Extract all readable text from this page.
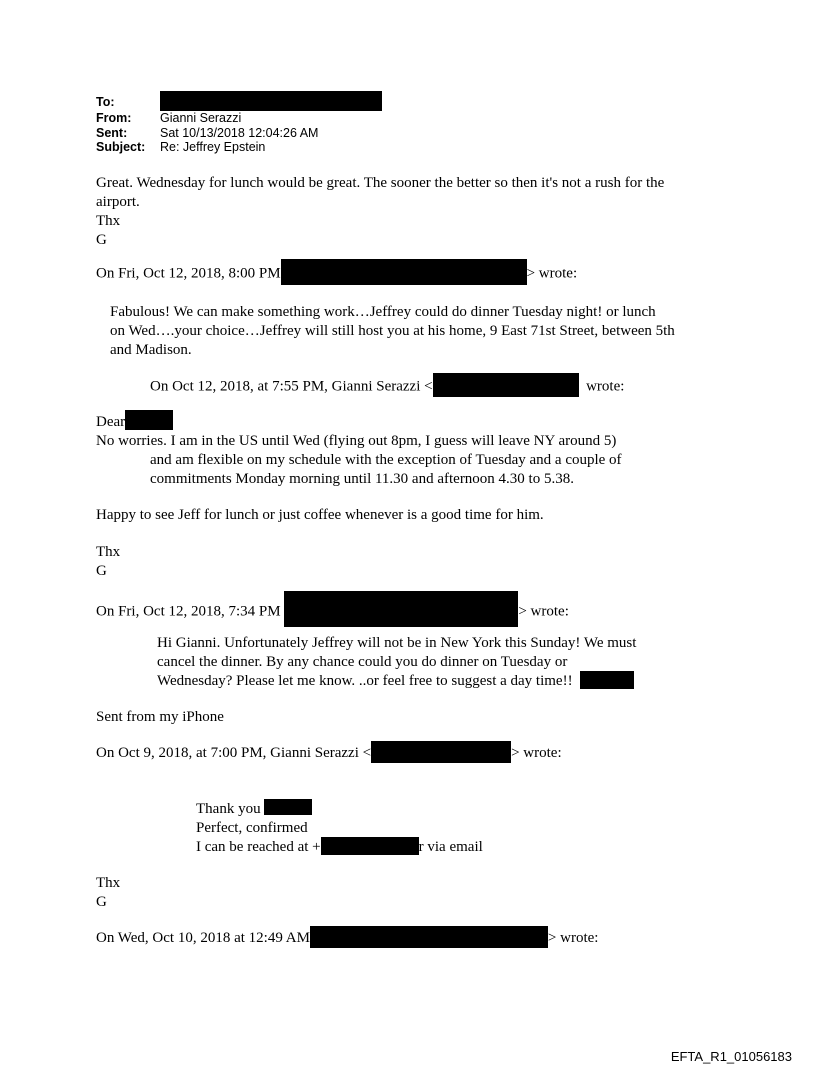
To:
From:	Gianni Serazzi
Sent:	Sat 10/13/2018 12:04:26 AM
Subject:	Re: Jeffrey Epstein
Great. Wednesday for lunch would be great. The sooner the better so then it's not a rush for the
airport.
Thx
G
On Fri, Oct 12, 2018, 8:00 PM	> wrote:
Fabulous! We can make something work…Jeffrey could do dinner Tuesday night! or lunch
on Wed….your choice…Jeffrey will still host you at his home, 9 East 71st Street, between 5th
and Madison.
On Oct 12, 2018, at 7:55 PM, Gianni Serazzi <	wrote:
Dear
No worries. I am in the US until Wed (flying out 8pm, I guess will leave NY around 5)
and am flexible on my schedule with the exception of Tuesday and a couple of
commitments Monday morning until 11.30 and afternoon 4.30 to 5.38.
Happy to see Jeff for lunch or just coffee whenever is a good time for him.
Thx
G
On Fri, Oct 12, 2018, 7:34 PM	> wrote:
Hi Gianni. Unfortunately Jeffrey will not be in New York this Sunday! We must
cancel the dinner. By any chance could you do dinner on Tuesday or
Wednesday? Please let me know. ..or feel free to suggest a day time!!
Sent from my iPhone
On Oct 9, 2018, at 7:00 PM, Gianni Serazzi <	> wrote:
Thank you
Perfect, confirmed
I can be reached at +	r via email
Thx
G
On Wed, Oct 10, 2018 at 12:49 AM	> wrote:
EFTA_R1_01056183
